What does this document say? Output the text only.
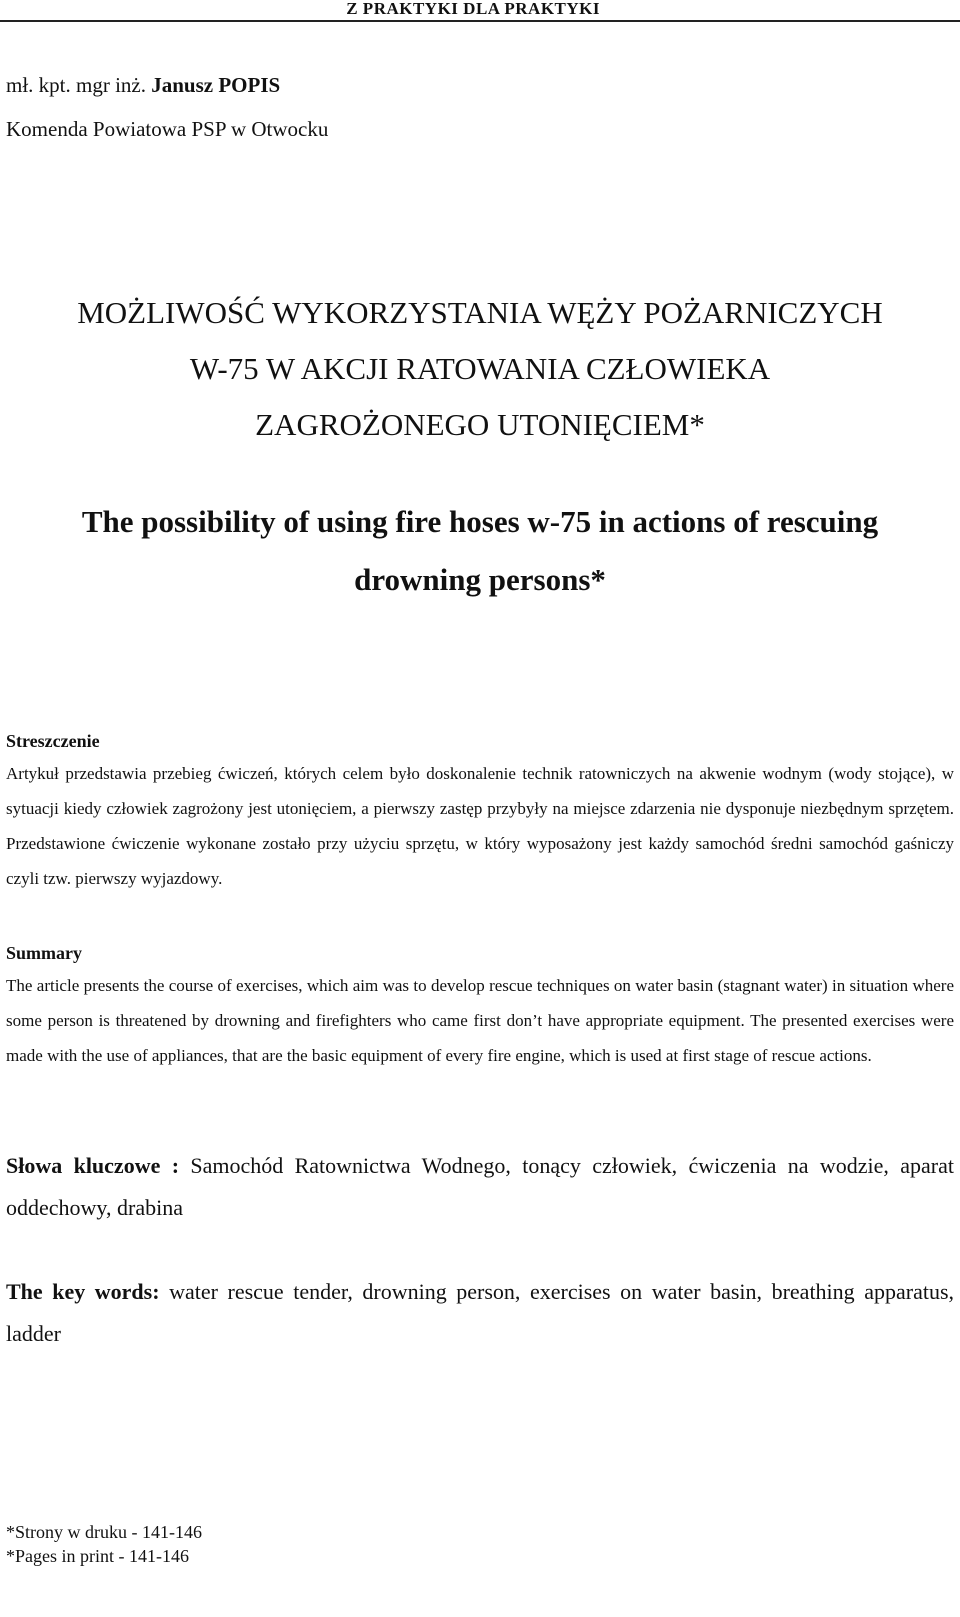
Z PRAKTYKI DLA PRAKTYKI
mł. kpt. mgr inż. Janusz POPIS
Komenda Powiatowa PSP w Otwocku
MOŻLIWOŚĆ WYKORZYSTANIA WĘŻY POŻARNICZYCH
W-75 W AKCJI RATOWANIA CZŁOWIEKA
ZAGROŻONEGO UTONIĘCIEM*
The possibility of using fire hoses w-75 in actions of rescuing
drowning persons*
Streszczenie
Artykuł przedstawia przebieg ćwiczeń, których celem było doskonalenie technik ratowniczych na akwenie wodnym (wody stojące), w sytuacji kiedy człowiek zagrożony jest utonięciem, a pierwszy zastęp przybyły na miejsce zdarzenia nie dysponuje niezbędnym sprzętem. Przedstawione ćwiczenie wykonane zostało przy użyciu sprzętu, w który wyposażony jest każdy samochód średni samochód gaśniczy czyli tzw. pierwszy wyjazdowy.
Summary
The article presents the course of exercises, which aim was to develop rescue techniques on water basin (stagnant water) in situation where some person is threatened by drowning and firefighters who came first don’t have appropriate equipment. The presented exercises were made with the use of appliances, that are the basic equipment of every fire engine, which is used at first stage of rescue actions.
Słowa kluczowe : Samochód Ratownictwa Wodnego, tonący człowiek, ćwiczenia na wodzie, aparat oddechowy, drabina
The key words: water rescue tender, drowning person, exercises on water basin, breathing apparatus, ladder
*Strony w druku - 141-146
*Pages in print - 141-146
